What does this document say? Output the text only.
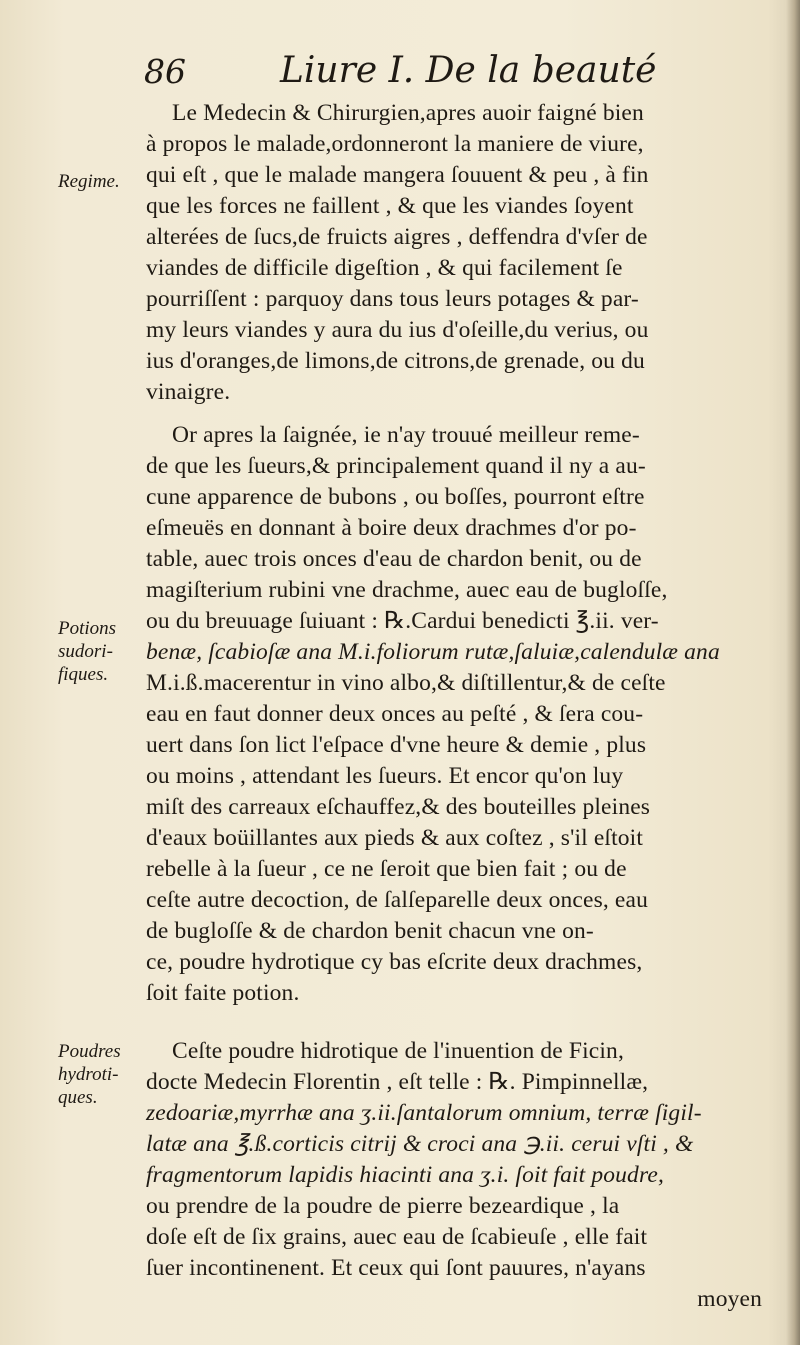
86	Liure I. De la beauté
Regime.
Potions
sudori-
fiques.
Poudres
hydroti-
ques.
Le Medecin & Chirurgien,apres auoir faigné bien
à propos le malade,ordonneront la maniere de viure,
qui eſt , que le malade mangera ſouuent & peu , à fin
que les forces ne faillent , & que les viandes ſoyent
alterées de ſucs,de fruicts aigres , deffendra d'vſer de
viandes de difficile digeſtion , & qui facilement ſe
pourriſſent : parquoy dans tous leurs potages & par-
my leurs viandes y aura du ius d'oſeille,du verius, ou
ius d'oranges,de limons,de citrons,de grenade, ou du
vinaigre.
Or apres la ſaignée, ie n'ay trouué meilleur reme-
de que les ſueurs,& principalement quand il ny a au-
cune apparence de bubons , ou boſſes, pourront eſtre
eſmeuës en donnant à boire deux drachmes d'or po-
table, auec trois onces d'eau de chardon benit, ou de
magiſterium rubini vne drachme, auec eau de bugloſſe,
ou du breuuage ſuiuant : ℞.Cardui benedicti ℥.ii. ver-
benæ, ſcabioſæ ana M.i.foliorum rutæ,ſaluiæ,calendulæ ana
M.i.ß.macerentur in vino albo,& diſtillentur,& de ceſte
eau en faut donner deux onces au peſté , & ſera cou-
uert dans ſon lict l'eſpace d'vne heure & demie , plus
ou moins , attendant les ſueurs. Et encor qu'on luy
miſt des carreaux eſchauffez,& des bouteilles pleines
d'eaux boüillantes aux pieds & aux coſtez , s'il eſtoit
rebelle à la ſueur , ce ne ſeroit que bien fait ; ou de
ceſte autre decoction, de ſalſeparelle deux onces, eau
de bugloſſe & de chardon benit chacun vne on-
ce, poudre hydrotique cy bas eſcrite deux drachmes,
ſoit faite potion.
Ceſte poudre hidrotique de l'inuention de Ficin,
docte Medecin Florentin , eſt telle : ℞. Pimpinnellæ,
zedoariæ,myrrhæ ana ʒ.ii.ſantalorum omnium, terræ ſigil-
latæ ana ℥.ß.corticis citrij & croci ana ℈.ii. cerui vſti , &
fragmentorum lapidis hiacinti ana ʒ.i. ſoit fait poudre,
ou prendre de la poudre de pierre bezeardique , la
doſe eſt de ſix grains, auec eau de ſcabieuſe , elle fait
ſuer incontinenent. Et ceux qui ſont pauures, n'ayans
moyen
